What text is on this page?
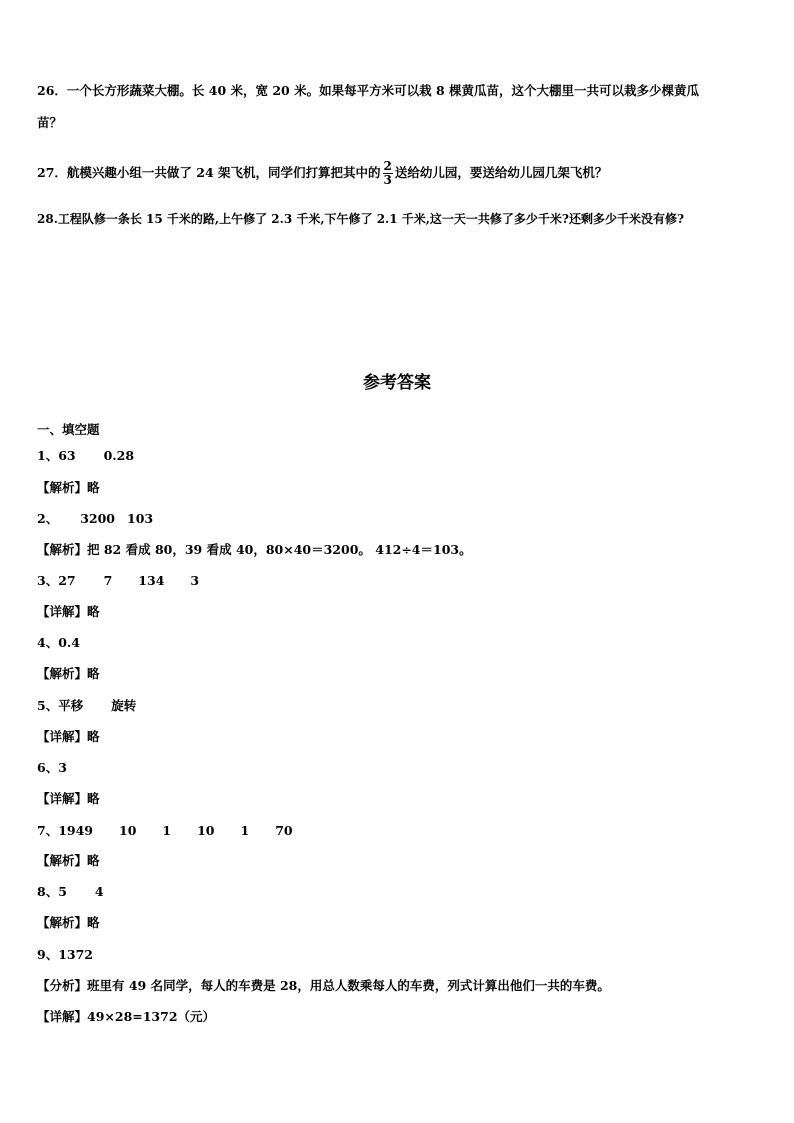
26．一个长方形蔬菜大棚。长 40 米，宽 20 米。如果每平方米可以栽 8 棵黄瓜苗，这个大棚里一共可以栽多少棵黄瓜
苗？
27．航模兴趣小组一共做了 24 架飞机，同学们打算把其中的 $\frac{2}{3}$ 送给幼儿园，要送给幼儿园几架飞机？
28.工程队修一条长 15 千米的路,上午修了 2.3 千米,下午修了 2.1 千米,这一天一共修了多少千米?还剩多少千米没有修?
参考答案
一、填空题
1、63 0.28
【解析】略
2、 3200 103
【解析】把 82 看成 80，39 看成 40，80×40＝3200。 412÷4＝103。
3、27 7 134 3
【详解】略
4、0.4
【解析】略
5、平移 旋转
【详解】略
6、3
【详解】略
7、1949 10 1 10 1 70
【解析】略
8、5 4
【解析】略
9、1372
【分析】班里有 49 名同学，每人的车费是 28，用总人数乘每人的车费，列式计算出他们一共的车费。
【详解】49×28=1372（元）
